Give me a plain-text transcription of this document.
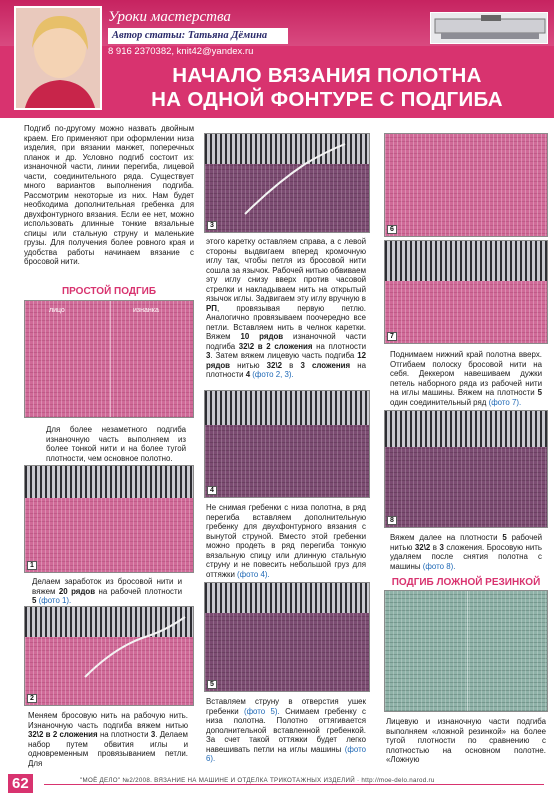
Уроки мастерства
Автор статьи: Татьяна Дёмина
8 916 2370382, knit42@yandex.ru
НАЧАЛО ВЯЗАНИЯ ПОЛОТНА
НА ОДНОЙ ФОНТУРЕ С ПОДГИБА
Подгиб по-другому можно назвать двойным краем. Его применяют при оформлении низа изделия, при вязании манжет, поперечных планок и др. Условно подгиб состоит из: изнаночной части, линии перегиба, лицевой части, соединительного ряда. Существует много вариантов выполнения подгиба. Рассмотрим некоторые из них. Нам будет необходима дополнительная гребенка для двухфонтурного вязания. Если ее нет, можно использовать длинные тонкие вязальные спицы или стальную струну и маленькие грузы. Для получения более ровного края и удобства работы начинаем вязание с бросовой нити.
ПРОСТОЙ ПОДГИБ
лицо	изнанка
Для более незаметного подгиба изнаночную часть выполняем из более тонкой нити и на более тугой плотности, чем основное полотно.
1
Делаем заработок из бросовой нити и вяжем 20 рядов на рабочей плотности 5 (фото 1).
2
Меняем бросовую нить на рабочую нить. Изнаночную часть подгиба вяжем нитью 32\2 в 2 сложения на плотности 3. Делаем набор путем обвития иглы и одновременным провязыванием петли. Для
3
этого каретку оставляем справа, а с левой стороны выдвигаем вперед кромочную иглу так, чтобы петля из бросовой нити сошла за язычок. Рабочей нитью обвиваем эту иглу снизу вверх против часовой стрелки и накладываем нить на открытый язычок иглы. Задвигаем эту иглу вручную в РП, провязывая первую петлю. Аналогично провязываем поочередно все петли. Вставляем нить в челнок каретки. Вяжем 10 рядов изнаночной части подгиба 32\2 в 2 сложения на плотности 3. Затем вяжем лицевую часть подгиба 12 рядов нитью 32\2 в 3 сложения на плотности 4 (фото 2, 3).
4
Не снимая гребенки с низа полотна, в ряд перегиба вставляем дополнительную гребенку для двухфонтурного вязания с вынутой струной. Вместо этой гребенки можно продеть в ряд перегиба тонкую вязальную спицу или длинную стальную струну и не повесить небольшой груз для оттяжки (фото 4).
5
Вставляем струну в отверстия ушек гребенки (фото 5). Снимаем гребенку с низа полотна. Полотно оттягивается дополнительной вставленной гребенкой. За счет такой оттяжки будет легко навешивать петли на иглы машины (фото 6).
6
7
Поднимаем нижний край полотна вверх. Отгибаем полоску бросовой нити на себя. Деккером навешиваем дужки петель наборного ряда из рабочей нити на иглы машины. Вяжем на плотности 5 один соединительный ряд (фото 7).
8
Вяжем далее на плотности 5 рабочей нитью 32\2 в 3 сложения. Бросовую нить удаляем после снятия полотна с машины (фото 8).
ПОДГИБ ЛОЖНОЙ РЕЗИНКОЙ
Лицевую и изнаночную части подгиба выполняем «ложной резинкой» на более тугой плотности по сравнению с плотностью на основном полотне. «Ложную
62	"МОЁ ДЕЛО" №2/2008. ВЯЗАНИЕ НА МАШИНЕ И ОТДЕЛКА ТРИКОТАЖНЫХ ИЗДЕЛИЙ · http://moe-delo.narod.ru
